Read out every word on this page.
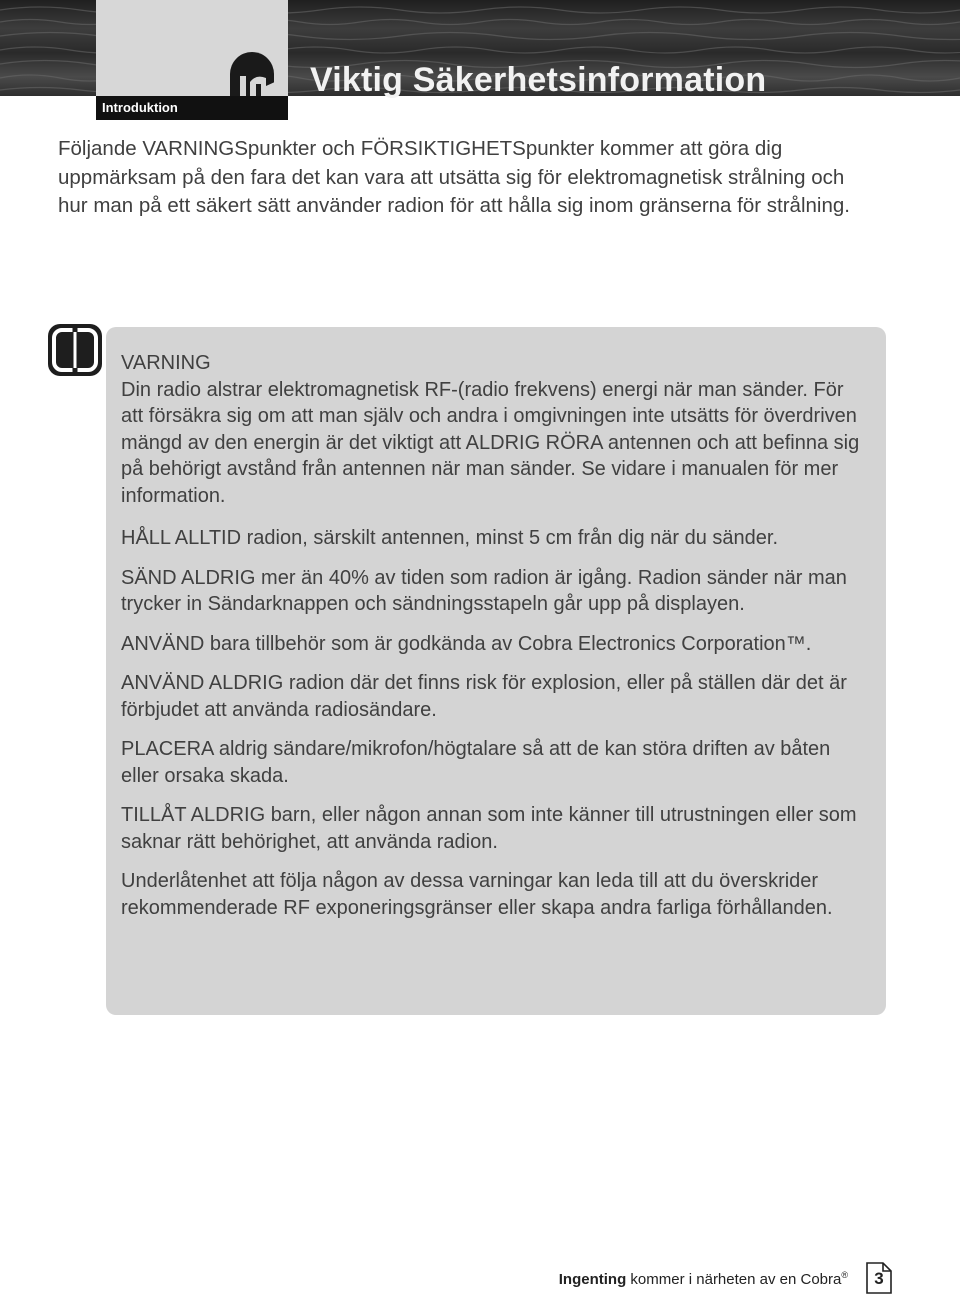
Introduktion
Viktig Säkerhetsinformation

Följande VARNINGSpunkter och FÖRSIKTIGHETSpunkter kommer att göra dig uppmärksam på den fara det kan vara att utsätta sig för elektromagnetisk strålning och hur man på ett säkert sätt använder radion för att hålla sig inom gränserna för strålning.

VARNING

Din radio alstrar elektromagnetisk RF-(radio frekvens) energi när man sänder. För att försäkra sig om att man själv och andra i omgivningen inte utsätts för överdriven mängd av den energin är det viktigt att ALDRIG RÖRA antennen och att befinna sig på behörigt avstånd från antennen när man sänder. Se vidare i manualen för mer information.

HÅLL ALLTID radion, särskilt antennen, minst 5 cm från dig när du sänder.

SÄND ALDRIG mer än 40% av tiden som radion är igång. Radion sänder när man trycker in Sändarknappen och sändningsstapeln går upp på displayen.

ANVÄND bara tillbehör som är godkända av Cobra Electronics Corporation™.

ANVÄND ALDRIG radion där det finns risk för explosion, eller på ställen där det är förbjudet att använda radiosändare.

PLACERA aldrig sändare/mikrofon/högtalare så att de kan störa driften av båten eller orsaka skada.

TILLÅT ALDRIG barn, eller någon annan som inte känner till utrustningen eller som saknar rätt behörighet, att använda radion.

Underlåtenhet att följa någon av dessa varningar kan leda till att du överskrider rekommenderade RF exponeringsgränser eller skapa andra farliga förhållanden.

Ingenting kommer i närheten av en Cobra®	3
